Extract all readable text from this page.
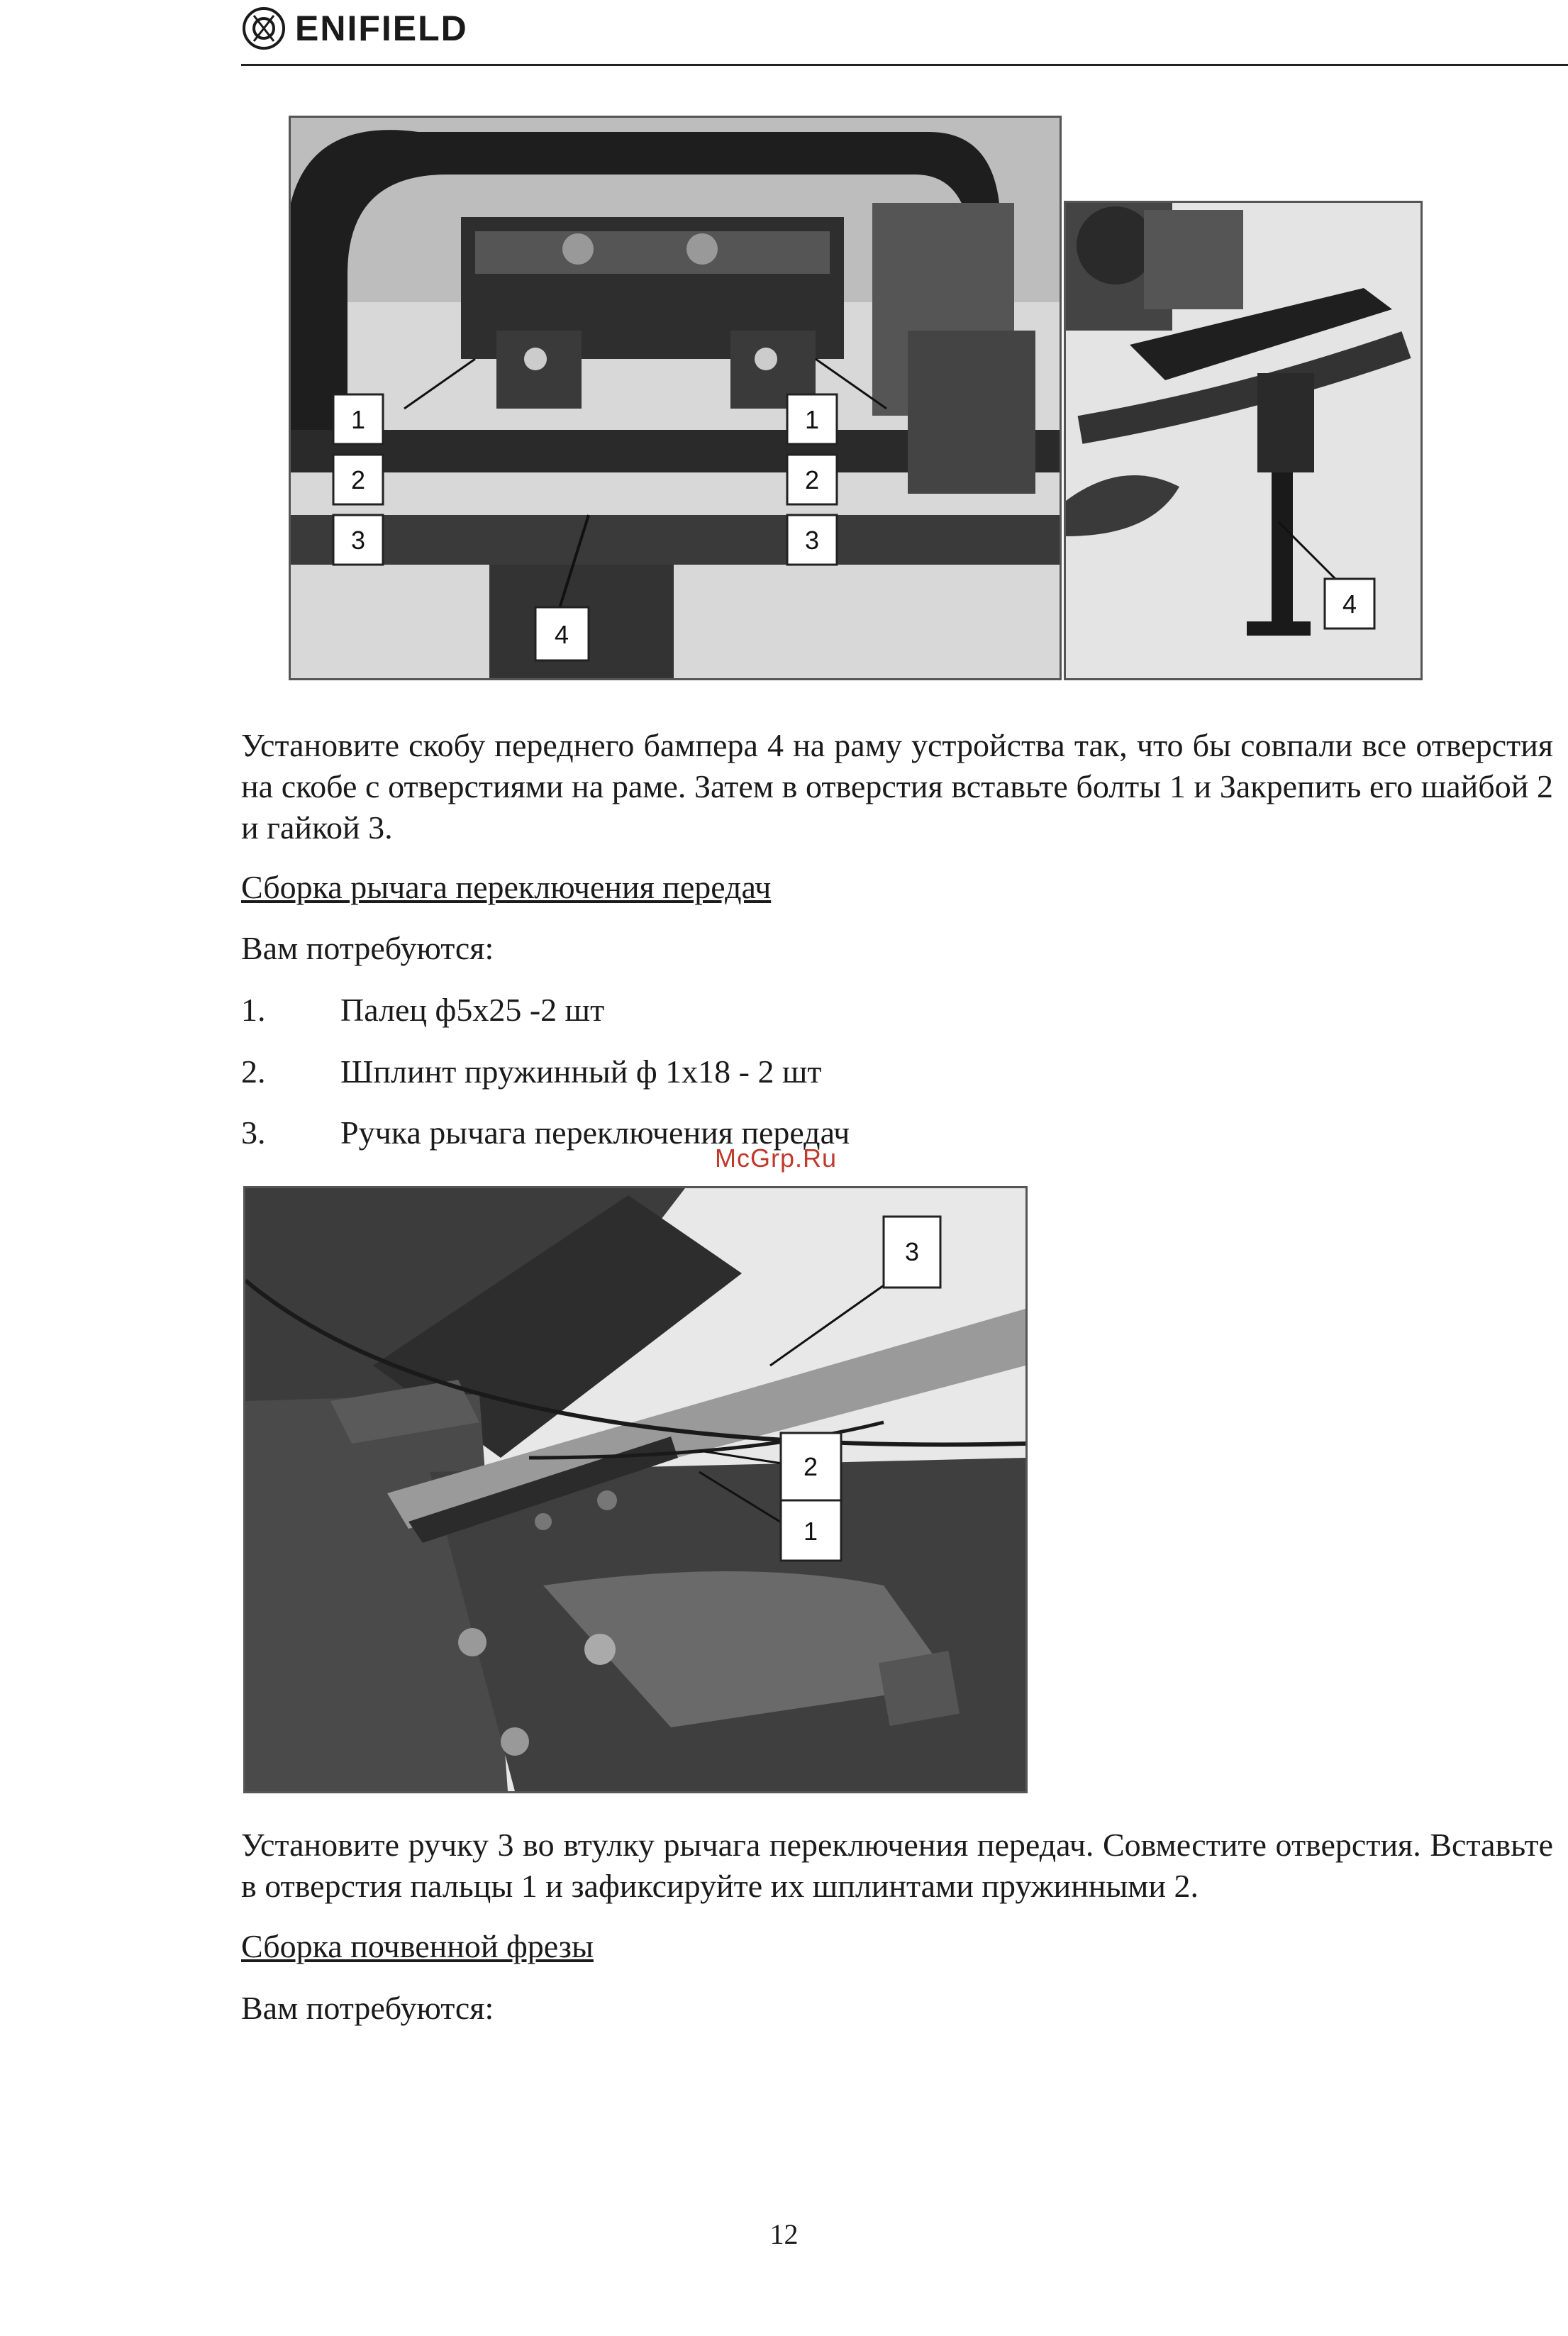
ENIFIELD
1
2
3
1
2
3
4
4

Установите скобу переднего бампера 4 на раму устройства так, что бы совпали все отверстия на скобе с отверстиями на раме. Затем в отверстия вставьте болты 1 и Закрепить его шайбой 2 и гайкой 3.

Сборка рычага переключения передач

Вам потребуются:

1. Палец ф5х25 -2 шт
2. Шплинт пружинный ф 1х18 - 2 шт
3. Ручка рычага переключения передач
McGrp.Ru
3
2
1

Установите ручку 3 во втулку рычага переключения передач. Совместите отверстия. Вставьте в отверстия пальцы 1 и зафиксируйте их шплинтами пружинными 2.

Сборка почвенной фрезы

Вам потребуются:

12
